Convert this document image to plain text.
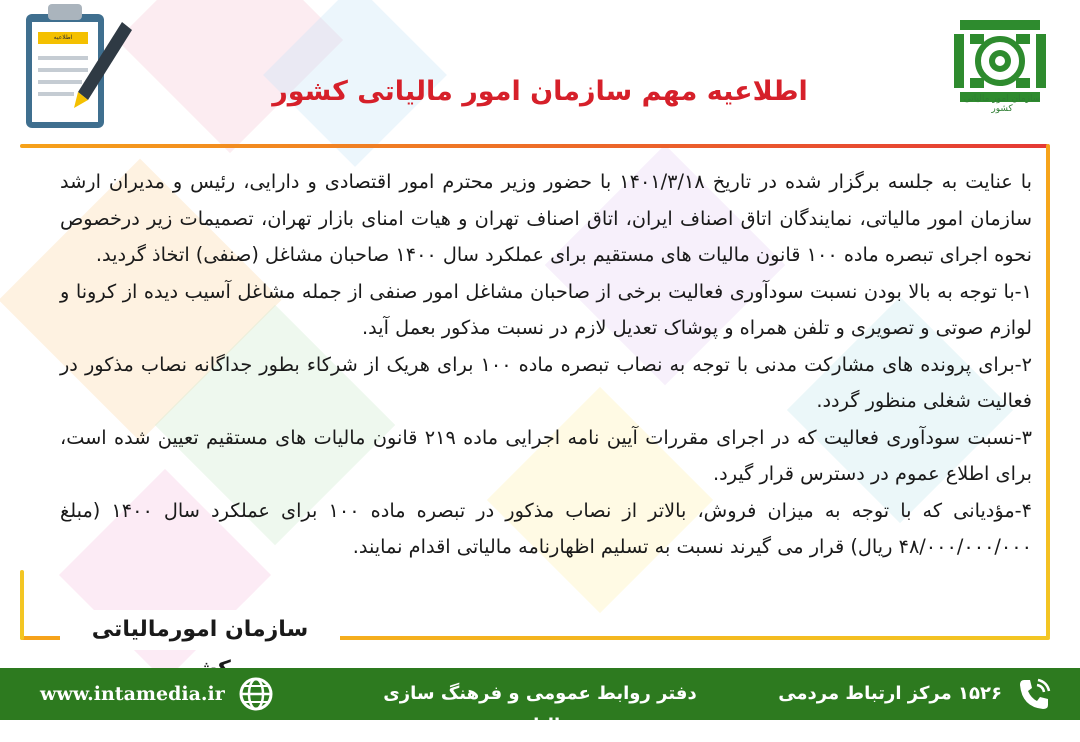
سازمان امور مالیاتی کشور
اطلاعیه
اطلاعیه مهم سازمان امور مالیاتی کشور

با عنایت به جلسه برگزار شده در تاریخ ۱۴۰۱/۳/۱۸ با حضور وزیر محترم امور اقتصادی و دارایی، رئیس و مدیران ارشد سازمان امور مالیاتی، نمایندگان اتاق اصناف ایران، اتاق اصناف تهران و هیات امنای بازار تهران، تصمیمات زیر درخصوص نحوه اجرای تبصره ماده ۱۰۰ قانون مالیات های مستقیم برای عملکرد سال ۱۴۰۰ صاحبان مشاغل (صنفی) اتخاذ گردید.

۱-با توجه به بالا بودن نسبت سودآوری فعالیت برخی از صاحبان مشاغل امور صنفی از جمله مشاغل آسیب دیده از کرونا و لوازم صوتی و تصویری و تلفن همراه و پوشاک تعدیل لازم در نسبت مذکور بعمل آید.

۲-برای پرونده های مشارکت مدنی با توجه به نصاب تبصره ماده ۱۰۰ برای هریک از شرکاء بطور جداگانه نصاب مذکور در فعالیت شغلی منظور گردد.

۳-نسبت سودآوری فعالیت که در اجرای مقررات آیین نامه اجرایی ماده ۲۱۹ قانون مالیات های مستقیم تعیین شده است، برای اطلاع عموم در دسترس قرار گیرد.

۴-مؤدیانی که با توجه به میزان فروش، بالاتر از نصاب مذکور در تبصره ماده ۱۰۰ برای عملکرد سال ۱۴۰۰ (مبلغ ۴۸/۰۰۰/۰۰۰/۰۰۰ ریال) قرار می گیرند نسبت به تسلیم اظهارنامه مالیاتی اقدام نمایند.

سازمان امورمالیاتی
www.intamedia.ir	دفتر روابط عمومی و فرهنگ سازی مالیاتی
۱۵۲۶ مرکز ارتباط مردمی
